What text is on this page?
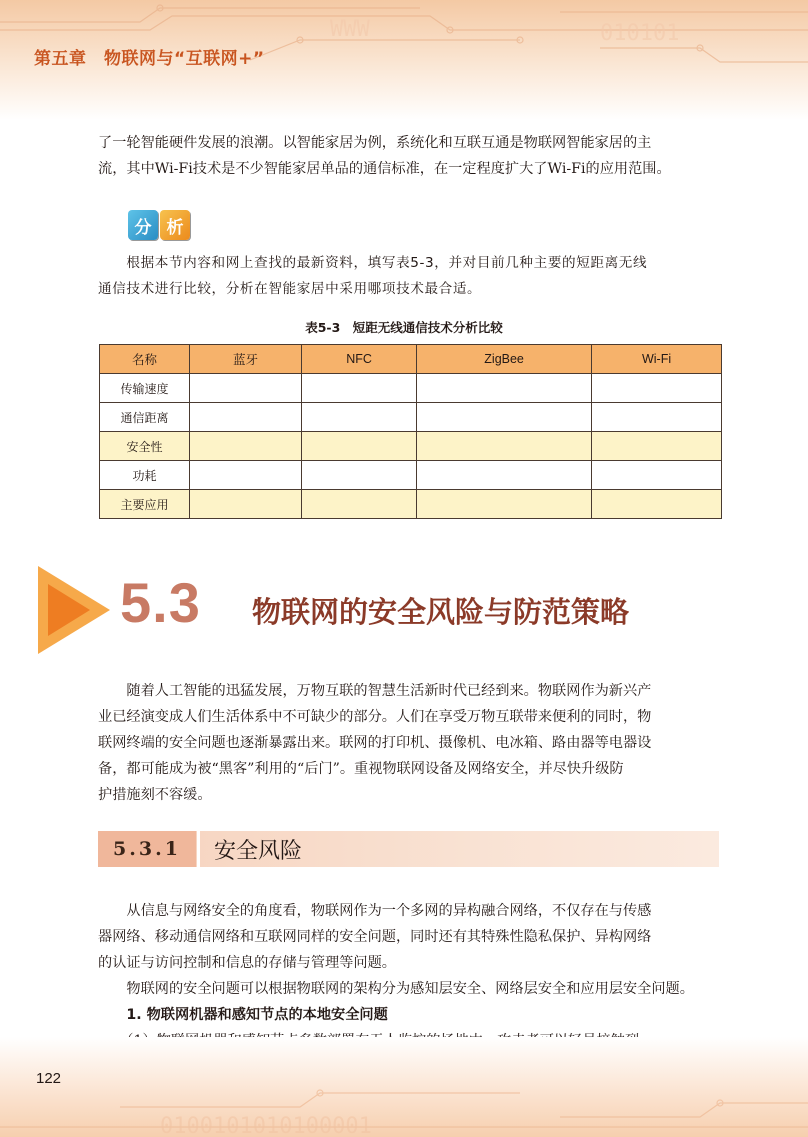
WWW	010101
第五章　物联网与“互联网+”
了一轮智能硬件发展的浪潮。以智能家居为例，系统化和互联互通是物联网智能家居的主
流，其中Wi-Fi技术是不少智能家居单品的通信标准，在一定程度扩大了Wi-Fi的应用范围。
分 析
　　根据本节内容和网上查找的最新资料，填写表5-3，并对目前几种主要的短距离无线
通信技术进行比较，分析在智能家居中采用哪项技术最合适。
表5-3　短距无线通信技术分析比较
名称	蓝牙	NFC	ZigBee	Wi-Fi
传输速度				
通信距离				
安全性				
功耗				
主要应用				
5.3 物联网的安全风险与防范策略
　　随着人工智能的迅猛发展，万物互联的智慧生活新时代已经到来。物联网作为新兴产
业已经演变成人们生活体系中不可缺少的部分。人们在享受万物互联带来便利的同时，物
联网终端的安全问题也逐渐暴露出来。联网的打印机、摄像机、电冰箱、路由器等电器设
备，都可能成为被“黑客”利用的“后门”。重视物联网设备及网络安全，并尽快升级防
护措施刻不容缓。
5.3.1	安全风险
　　从信息与网络安全的角度看，物联网作为一个多网的异构融合网络，不仅存在与传感
器网络、移动通信网络和互联网同样的安全问题，同时还有其特殊性隐私保护、异构网络
的认证与访问控制和信息的存储与管理等问题。
　　物联网的安全问题可以根据物联网的架构分为感知层安全、网络层安全和应用层安全问题。
　　1. 物联网机器和感知节点的本地安全问题
0100101010100001
122
